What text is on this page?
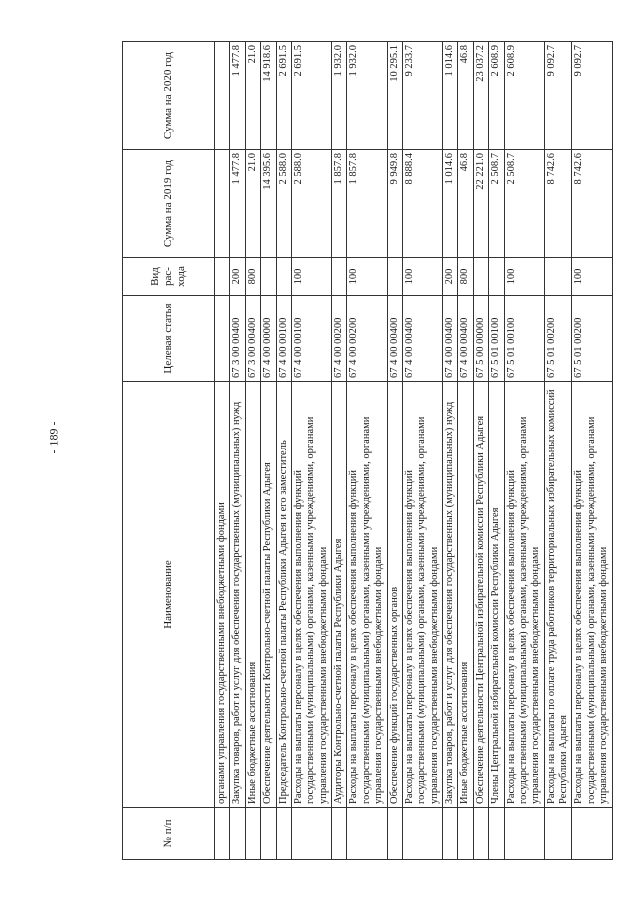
- 189 -
№ п/п	Наименование	Целевая статья	Вид рас- хода	Сумма на 2019 год	Сумма на 2020 год
	органами управления государственными внебюджетными фондами				
	Закупка товаров, работ и услуг для обеспечения государственных (муниципальных) нужд	67 3 00 00400	200	1 477.8	1 477.8
	Иные бюджетные ассигнования	67 3 00 00400	800	21.0	21.0
	Обеспечение деятельности Контрольно-счетной палаты Республики Адыгея	67 4 00 00000		14 395.6	14 918.6
	Председатель Контрольно-счетной палаты Республики Адыгея и его заместитель	67 4 00 00100		2 588.0	2 691.5
	Расходы на выплаты персоналу в целях обеспечения выполнения функций государственными (муниципальными) органами, казенными учреждениями, органами управления государственными внебюджетными фондами	67 4 00 00100	100	2 588.0	2 691.5
	Аудиторы Контрольно-счетной палаты Республики Адыгея	67 4 00 00200		1 857.8	1 932.0
	Расходы на выплаты персоналу в целях обеспечения выполнения функций государственными (муниципальными) органами, казенными учреждениями, органами управления государственными внебюджетными фондами	67 4 00 00200	100	1 857.8	1 932.0
	Обеспечение функций государственных органов	67 4 00 00400		9 949.8	10 295.1
	Расходы на выплаты персоналу в целях обеспечения выполнения функций государственными (муниципальными) органами, казенными учреждениями, органами управления государственными внебюджетными фондами	67 4 00 00400	100	8 888.4	9 233.7
	Закупка товаров, работ и услуг для обеспечения государственных (муниципальных) нужд	67 4 00 00400	200	1 014.6	1 014.6
	Иные бюджетные ассигнования	67 4 00 00400	800	46.8	46.8
	Обеспечение деятельности Центральной избирательной комиссии Республики Адыгея	67 5 00 00000		22 221.0	23 037.2
	Члены Центральной избирательной комиссии Республики Адыгея	67 5 01 00100		2 508.7	2 608.9
	Расходы на выплаты персоналу в целях обеспечения выполнения функций государственными (муниципальными) органами, казенными учреждениями, органами управления государственными внебюджетными фондами	67 5 01 00100	100	2 508.7	2 608.9
	Расходы на выплаты по оплате труда работников территориальных избирательных комиссий Республики Адыгея	67 5 01 00200		8 742.6	9 092.7
	Расходы на выплаты персоналу в целях обеспечения выполнения функций государственными (муниципальными) органами, казенными учреждениями, органами управления государственными внебюджетными фондами	67 5 01 00200	100	8 742.6	9 092.7
